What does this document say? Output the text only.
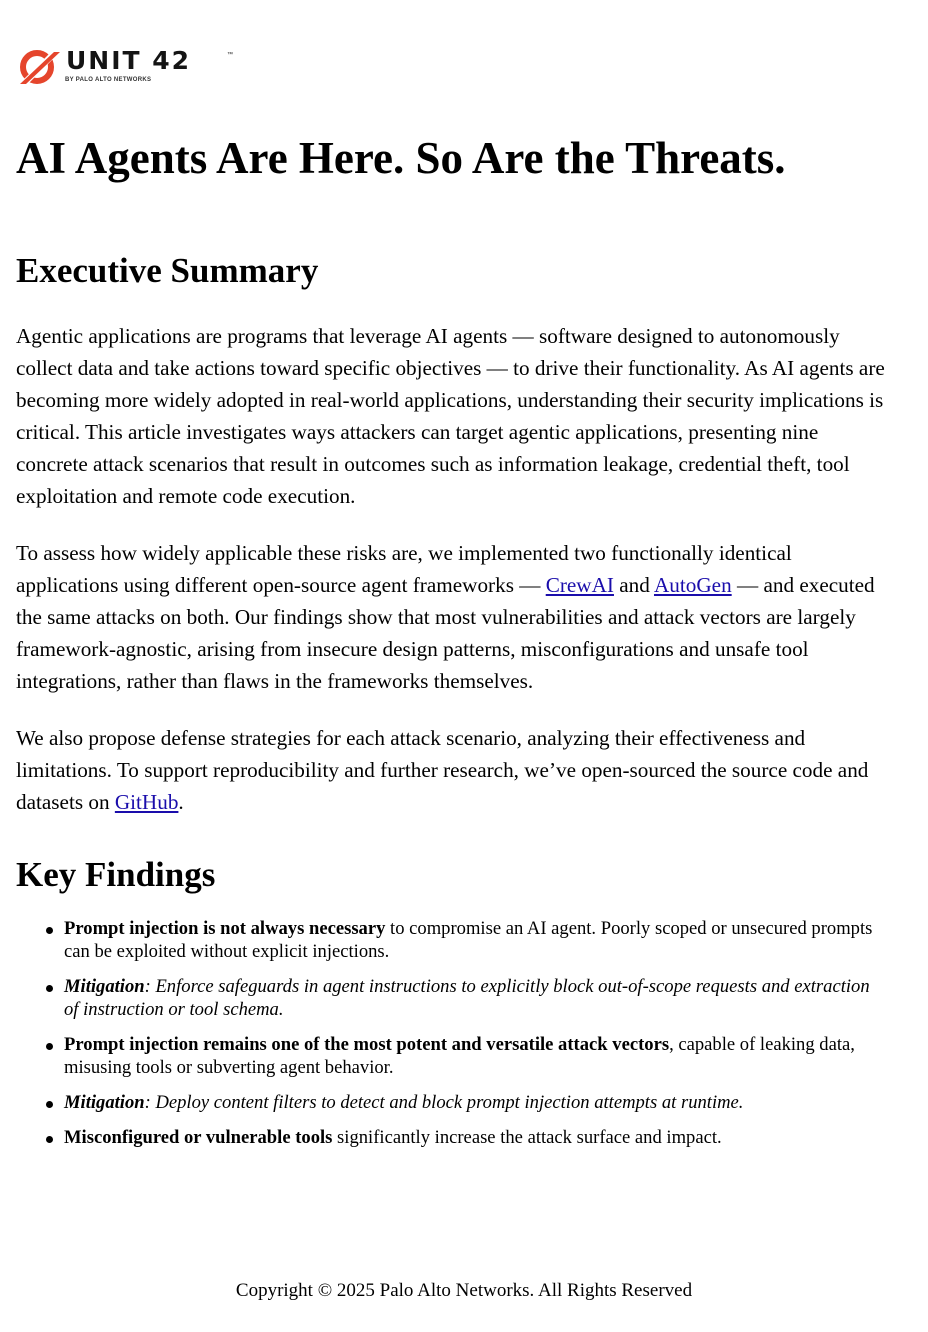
UNIT 42	™
BY PALO ALTO NETWORKS
AI Agents Are Here. So Are the Threats.
Executive Summary

Agentic applications are programs that leverage AI agents — software designed to autonomously
collect data and take actions toward specific objectives — to drive their functionality. As AI agents are
becoming more widely adopted in real-world applications, understanding their security implications is
critical. This article investigates ways attackers can target agentic applications, presenting nine
concrete attack scenarios that result in outcomes such as information leakage, credential theft, tool
exploitation and remote code execution.

To assess how widely applicable these risks are, we implemented two functionally identical
applications using different open-source agent frameworks — CrewAI and AutoGen — and executed
the same attacks on both. Our findings show that most vulnerabilities and attack vectors are largely
framework-agnostic, arising from insecure design patterns, misconfigurations and unsafe tool
integrations, rather than flaws in the frameworks themselves.

We also propose defense strategies for each attack scenario, analyzing their effectiveness and
limitations. To support reproducibility and further research, we’ve open-sourced the source code and
datasets on GitHub.

Key Findings
Prompt injection is not always necessary to compromise an AI agent. Poorly scoped or unsecured prompts
can be exploited without explicit injections.
Mitigation: Enforce safeguards in agent instructions to explicitly block out-of-scope requests and extraction
of instruction or tool schema.
Prompt injection remains one of the most potent and versatile attack vectors, capable of leaking data,
misusing tools or subverting agent behavior.
Mitigation: Deploy content filters to detect and block prompt injection attempts at runtime.
Misconfigured or vulnerable tools significantly increase the attack surface and impact.
Copyright © 2025 Palo Alto Networks. All Rights Reserved
